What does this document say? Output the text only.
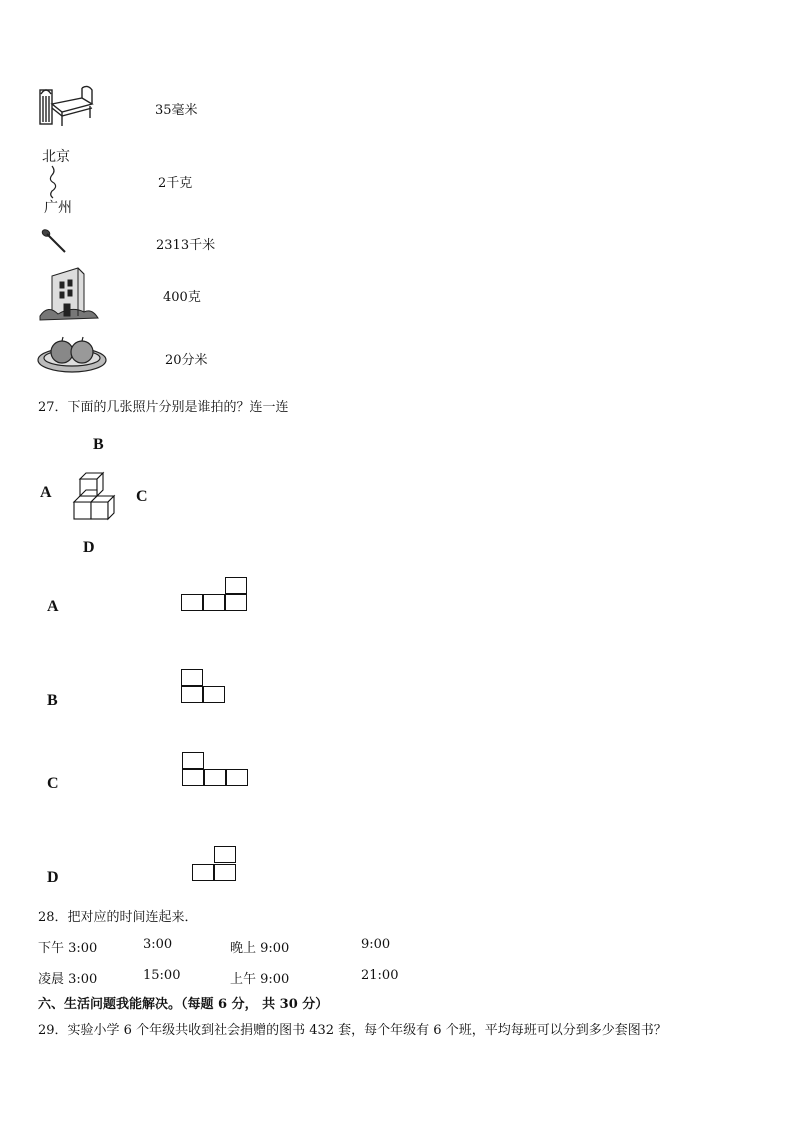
北京
广州
35毫米
2千克
2313千米
400克
20分米
27．下面的几张照片分别是谁拍的？连一连
B
A	C
D
A
B
C
D
28．把对应的时间连起来．
下午 3:00	3:00	晚上 9:00	9:00
凌晨 3:00	15:00	上午 9:00	21:00
六、生活问题我能解决。（每题 6 分， 共 30 分）
29．实验小学 6 个年级共收到社会捐赠的图书 432 套，每个年级有 6 个班，平均每班可以分到多少套图书？
